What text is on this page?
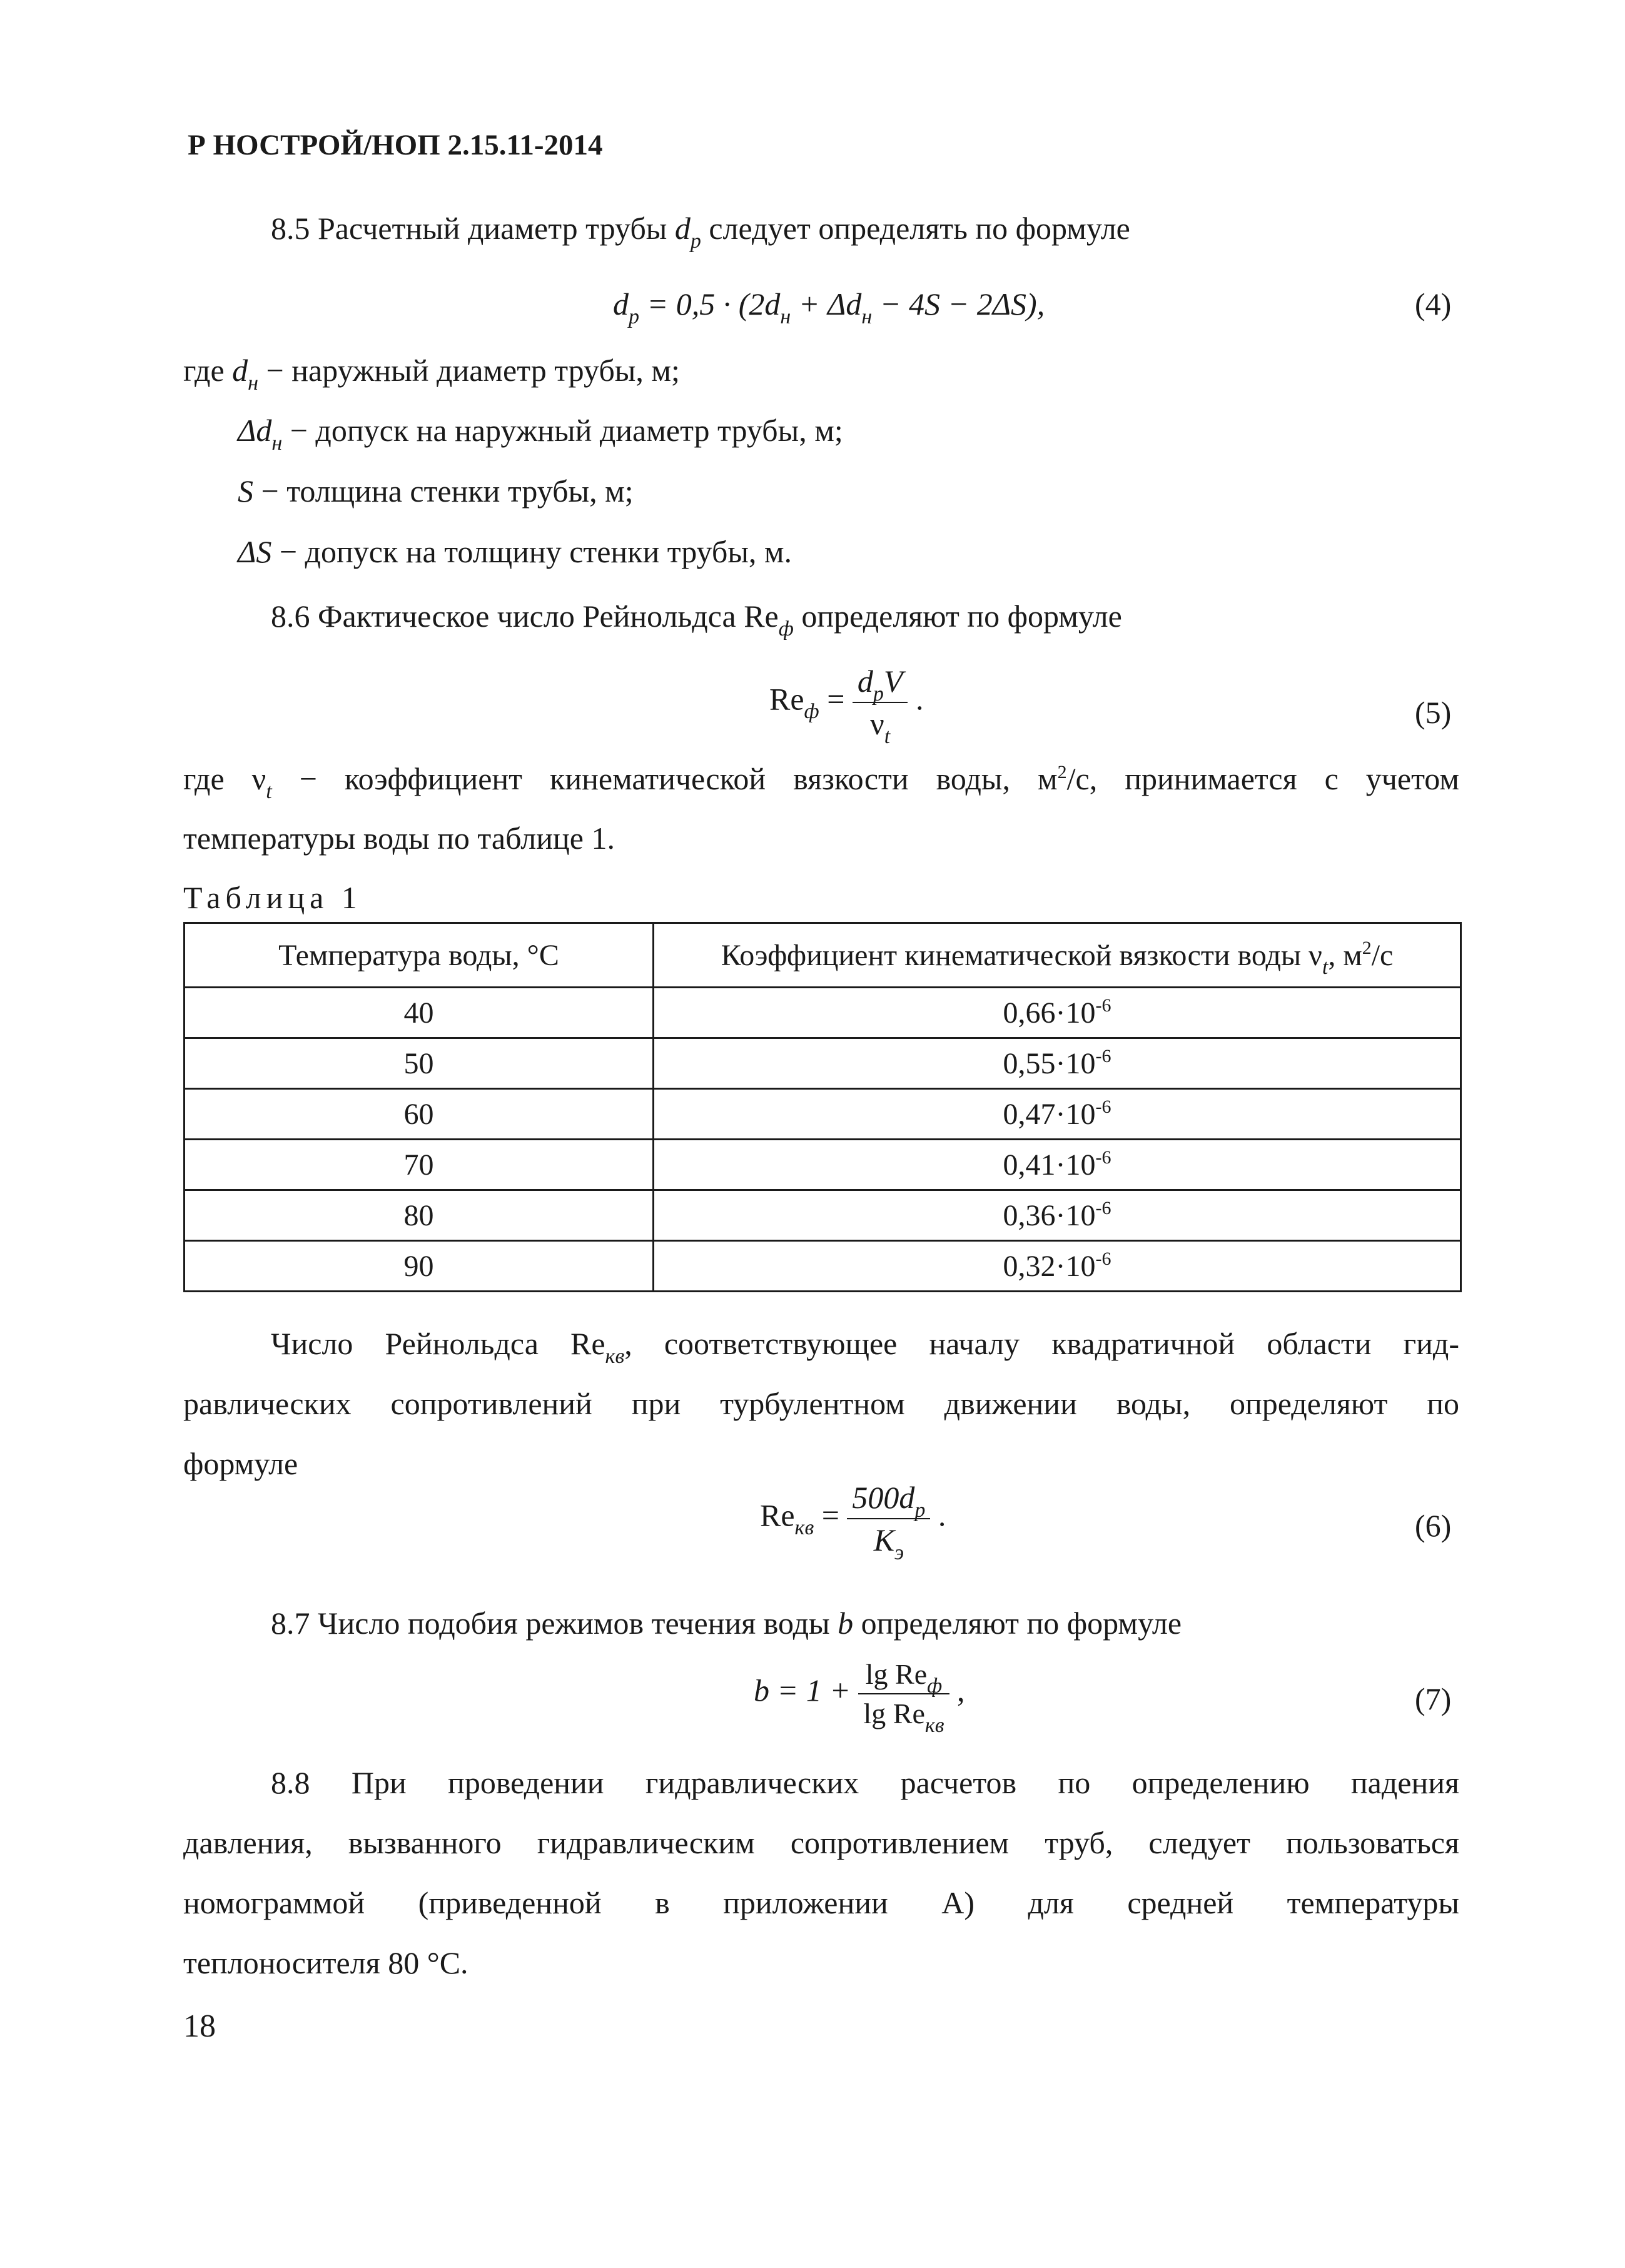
Р НОСТРОЙ/НОП 2.15.11-2014
8.5 Расчетный диаметр трубы $d_р$ следует определять по формуле
$d_р = 0,5 \cdot (2d_н + \Delta d_н - 4S - 2\Delta S)$,	(4)
где $d_н$ − наружный диаметр трубы, м;
$\Delta d_н$ − допуск на наружный диаметр трубы, м;
S − толщина стенки трубы, м;
ΔS − допуск на толщину стенки трубы, м.
8.6 Фактическое число Рейнольдса $Re_ф$ определяют по формуле
$Re_ф = \frac{d_рV}{\nu_t}$ .	(5)
где $\nu_t$ − коэффициент кинематической вязкости воды, $м^2/с$, принимается с учетом
температуры воды по таблице 1.
Таблица 1
Температура воды, °С	Коэффициент кинематической вязкости воды $\nu_t$, $м^2/с$
40	$0,66\cdot 10^{-6}$
50	$0,55\cdot 10^{-6}$
60	$0,47\cdot 10^{-6}$
70	$0,41\cdot 10^{-6}$
80	$0,36\cdot 10^{-6}$
90	$0,32\cdot 10^{-6}$
Число Рейнольдса $Re_{кв}$, соответствующее началу квадратичной области гид-
равлических сопротивлений при турбулентном движении воды, определяют по
формуле
$Re_{кв} = \frac{500d_р}{K_э}$ .	(6)
8.7 Число подобия режимов течения воды b определяют по формуле
$b = 1 + \frac{\lg Re_ф}{\lg Re_{кв}}$ ,	(7)
8.8 При проведении гидравлических расчетов по определению падения
давления, вызванного гидравлическим сопротивлением труб, следует пользоваться
номограммой (приведенной в приложении А) для средней температуры
теплоносителя 80 °С.
18
